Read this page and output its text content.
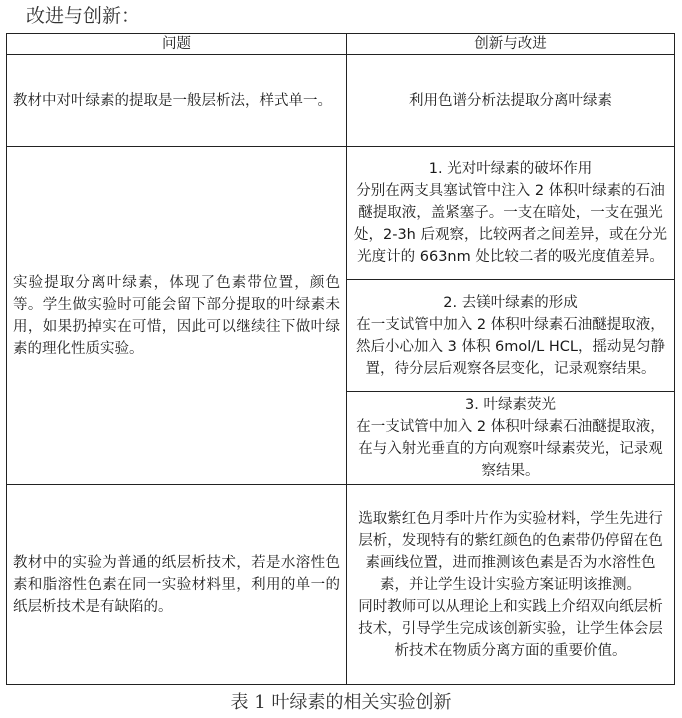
改进与创新：
问题	创新与改进
教材中对叶绿素的提取是一般层析法，样式单一。	利用色谱分析法提取分离叶绿素
实验提取分离叶绿素，体现了色素带位置，颜色等。学生做实验时可能会留下部分提取的叶绿素未用，如果扔掉实在可惜，因此可以继续往下做叶绿素的理化性质实验。	1. 光对叶绿素的破坏作用
分别在两支具塞试管中注入 2 体积叶绿素的石油醚提取液，盖紧塞子。一支在暗处，一支在强光处，2-3h 后观察，比较两者之间差异，或在分光光度计的 663nm 处比较二者的吸光度值差异。

	2. 去镁叶绿素的形成
在一支试管中加入 2 体积叶绿素石油醚提取液，然后小心加入 3 体积 6mol/L HCL，摇动晃匀静置，待分层后观察各层变化，记录观察结果。

	3. 叶绿素荧光
在一支试管中加入 2 体积叶绿素石油醚提取液，在与入射光垂直的方向观察叶绿素荧光，记录观察结果。

教材中的实验为普通的纸层析技术，若是水溶性色素和脂溶性色素在同一实验材料里，利用的单一的纸层析技术是有缺陷的。	选取紫红色月季叶片作为实验材料，学生先进行层析，发现特有的紫红颜色的色素带仍停留在色素画线位置，进而推测该色素是否为水溶性色素，并让学生设计实验方案证明该推测。
同时教师可以从理论上和实践上介绍双向纸层析技术，引导学生完成该创新实验，让学生体会层析技术在物质分离方面的重要价值。
表 1 叶绿素的相关实验创新
